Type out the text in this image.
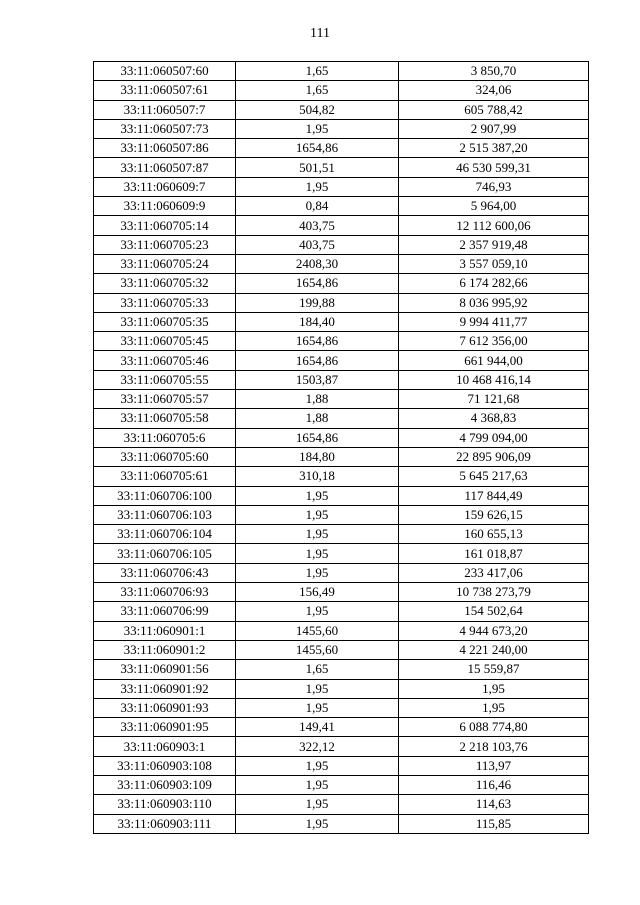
111
33:11:060507:60	1,65	3 850,70
33:11:060507:61	1,65	324,06
33:11:060507:7	504,82	605 788,42
33:11:060507:73	1,95	2 907,99
33:11:060507:86	1654,86	2 515 387,20
33:11:060507:87	501,51	46 530 599,31
33:11:060609:7	1,95	746,93
33:11:060609:9	0,84	5 964,00
33:11:060705:14	403,75	12 112 600,06
33:11:060705:23	403,75	2 357 919,48
33:11:060705:24	2408,30	3 557 059,10
33:11:060705:32	1654,86	6 174 282,66
33:11:060705:33	199,88	8 036 995,92
33:11:060705:35	184,40	9 994 411,77
33:11:060705:45	1654,86	7 612 356,00
33:11:060705:46	1654,86	661 944,00
33:11:060705:55	1503,87	10 468 416,14
33:11:060705:57	1,88	71 121,68
33:11:060705:58	1,88	4 368,83
33:11:060705:6	1654,86	4 799 094,00
33:11:060705:60	184,80	22 895 906,09
33:11:060705:61	310,18	5 645 217,63
33:11:060706:100	1,95	117 844,49
33:11:060706:103	1,95	159 626,15
33:11:060706:104	1,95	160 655,13
33:11:060706:105	1,95	161 018,87
33:11:060706:43	1,95	233 417,06
33:11:060706:93	156,49	10 738 273,79
33:11:060706:99	1,95	154 502,64
33:11:060901:1	1455,60	4 944 673,20
33:11:060901:2	1455,60	4 221 240,00
33:11:060901:56	1,65	15 559,87
33:11:060901:92	1,95	1,95
33:11:060901:93	1,95	1,95
33:11:060901:95	149,41	6 088 774,80
33:11:060903:1	322,12	2 218 103,76
33:11:060903:108	1,95	113,97
33:11:060903:109	1,95	116,46
33:11:060903:110	1,95	114,63
33:11:060903:111	1,95	115,85
